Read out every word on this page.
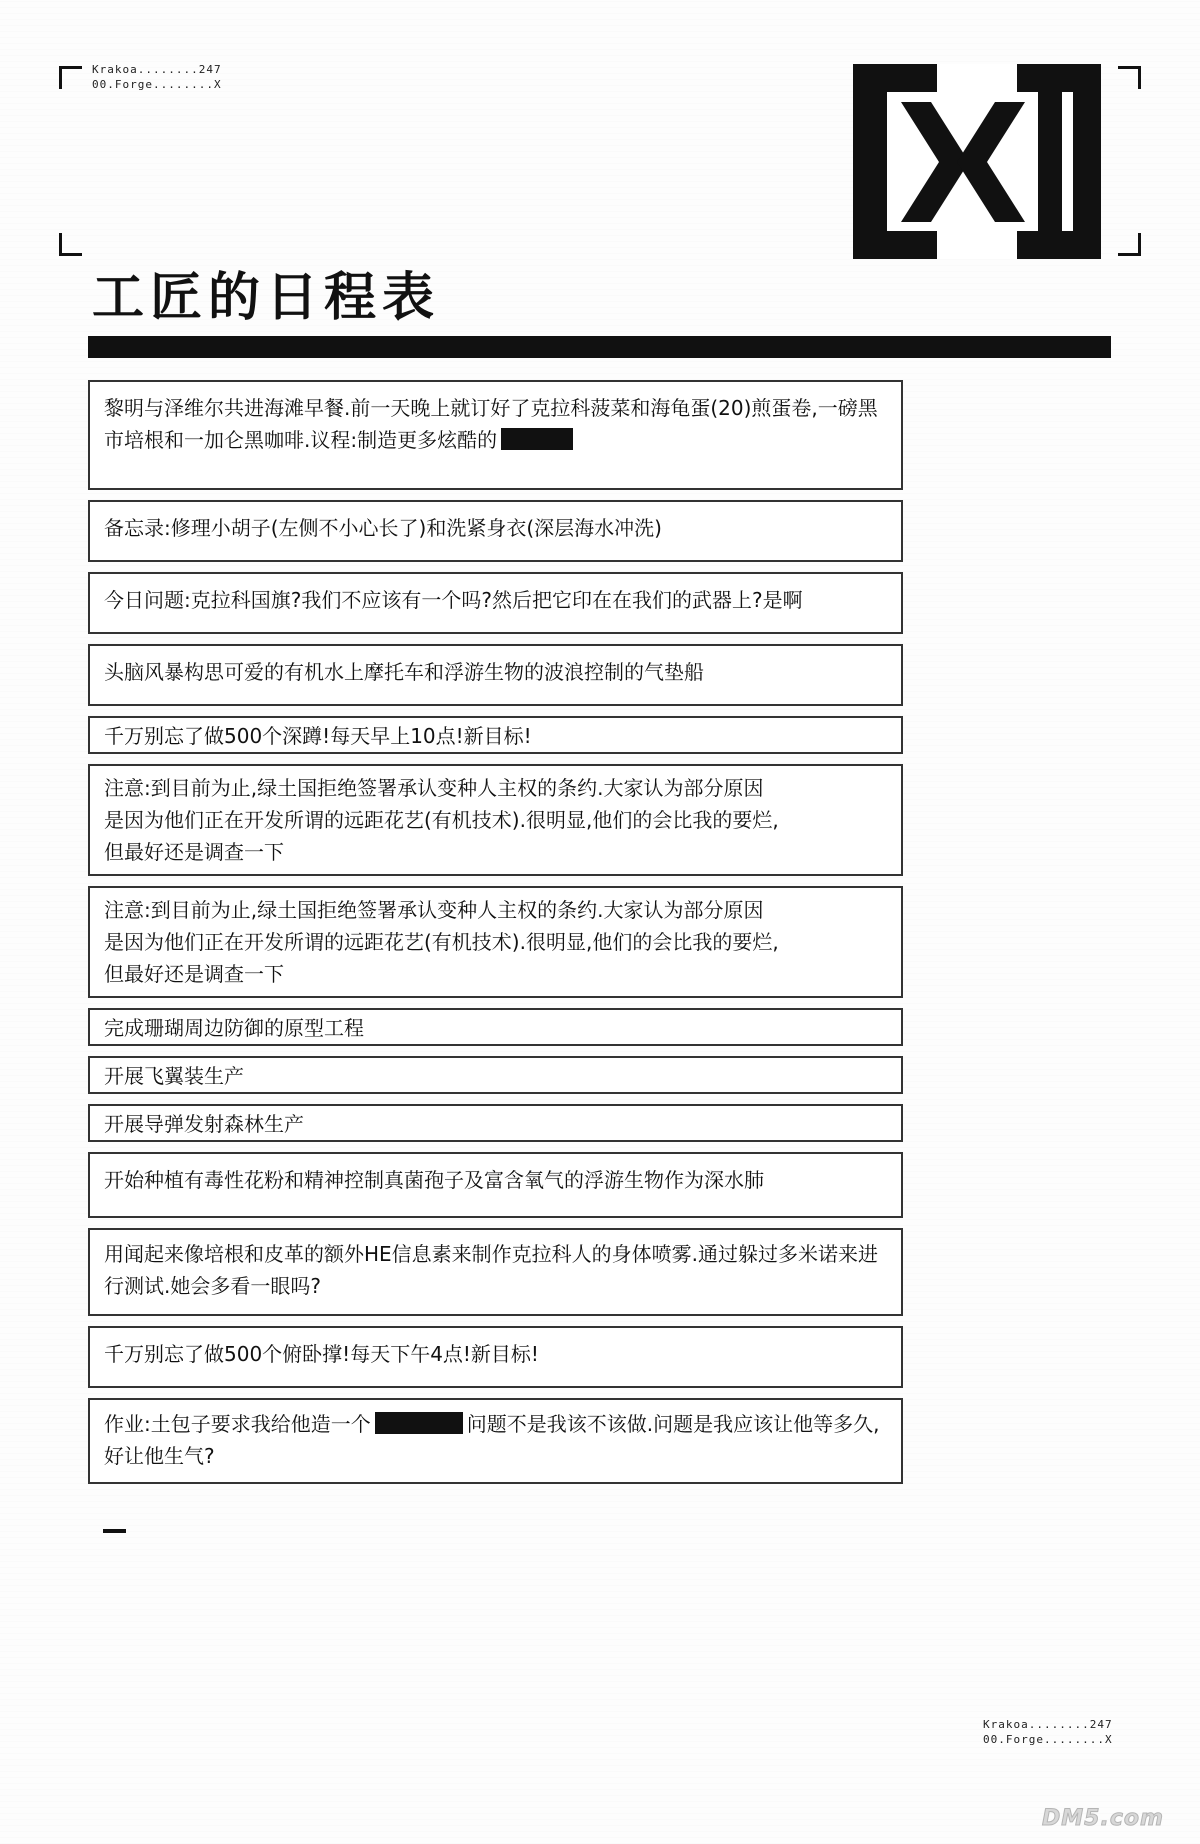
Krakoa........247
00.Forge........X
工匠的日程表
黎明与泽维尔共进海滩早餐.前一天晚上就订好了克拉科菠菜和海龟蛋(20)煎蛋卷,一磅黑市培根和一加仑黑咖啡.议程:制造更多炫酷的
备忘录:修理小胡子(左侧不小心长了)和洗紧身衣(深层海水冲洗)
今日问题:克拉科国旗?我们不应该有一个吗?然后把它印在在我们的武器上?是啊
头脑风暴构思可爱的有机水上摩托车和浮游生物的波浪控制的气垫船
千万别忘了做500个深蹲!每天早上10点!新目标!
注意:到目前为止,绿土国拒绝签署承认变种人主权的条约.大家认为部分原因是因为他们正在开发所谓的远距花艺(有机技术).很明显,他们的会比我的要烂,但最好还是调查一下
注意:到目前为止,绿土国拒绝签署承认变种人主权的条约.大家认为部分原因是因为他们正在开发所谓的远距花艺(有机技术).很明显,他们的会比我的要烂,但最好还是调查一下
完成珊瑚周边防御的原型工程
开展飞翼装生产
开展导弹发射森林生产
开始种植有毒性花粉和精神控制真菌孢子及富含氧气的浮游生物作为深水肺
用闻起来像培根和皮革的额外HE信息素来制作克拉科人的身体喷雾.通过躲过多米诺来进行测试.她会多看一眼吗?
千万别忘了做500个俯卧撑!每天下午4点!新目标!
作业:土包子要求我给他造一个	问题不是我该不该做.问题是我应该让他等多久,好让他生气?
Krakoa........247
00.Forge........X
DM5.com
